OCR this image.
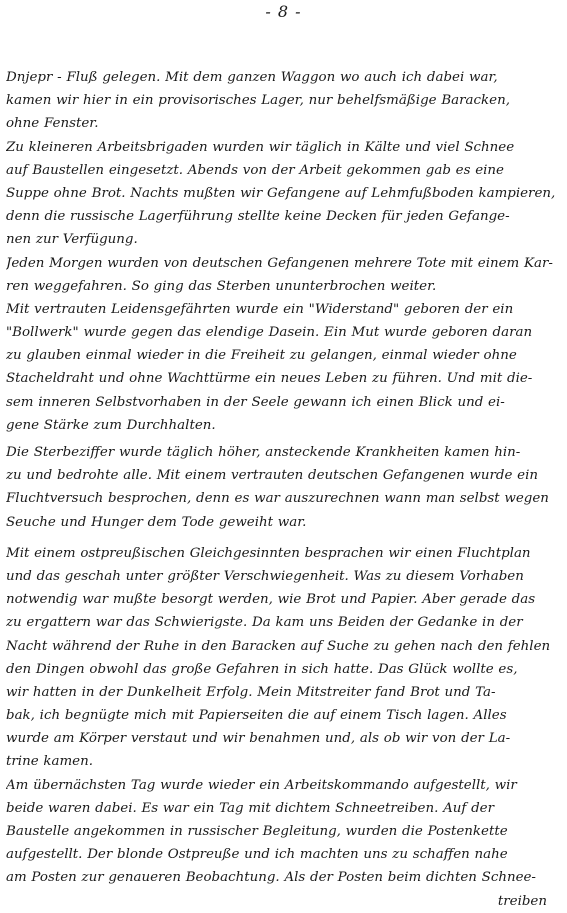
- 8 -
Dnjepr - Fluß gelegen. Mit dem ganzen Waggon wo auch ich dabei war,
kamen wir hier in ein provisorisches Lager, nur behelfsmäßige Baracken,
ohne Fenster.
Zu kleineren Arbeitsbrigaden wurden wir täglich in Kälte und viel Schnee
auf Baustellen eingesetzt. Abends von der Arbeit gekommen gab es eine
Suppe ohne Brot. Nachts mußten wir Gefangene auf Lehmfußboden kampieren,
denn die russische Lagerführung stellte keine Decken für jeden Gefange-
nen zur Verfügung.
Jeden Morgen wurden von deutschen Gefangenen mehrere Tote mit einem Kar-
ren weggefahren. So ging das Sterben ununterbrochen weiter.
Mit vertrauten Leidensgefährten wurde ein "Widerstand" geboren der ein
"Bollwerk" wurde gegen das elendige Dasein. Ein Mut wurde geboren daran
zu glauben einmal wieder in die Freiheit zu gelangen, einmal wieder ohne
Stacheldraht und ohne Wachttürme ein neues Leben zu führen. Und mit die-
sem inneren Selbstvorhaben in der Seele gewann ich einen Blick und ei-
gene Stärke zum Durchhalten.
Die Sterbeziffer wurde täglich höher, ansteckende Krankheiten kamen hin-
zu und bedrohte alle. Mit einem vertrauten deutschen Gefangenen wurde ein
Fluchtversuch besprochen, denn es war auszurechnen wann man selbst wegen
Seuche und Hunger dem Tode geweiht war.
Mit einem ostpreußischen Gleichgesinnten besprachen wir einen Fluchtplan
und das geschah unter größter Verschwiegenheit. Was zu diesem Vorhaben
notwendig war mußte besorgt werden, wie Brot und Papier. Aber gerade das
zu ergattern war das Schwierigste. Da kam uns Beiden der Gedanke in der
Nacht während der Ruhe in den Baracken auf Suche zu gehen nach den fehlen
den Dingen obwohl das große Gefahren in sich hatte. Das Glück wollte es,
wir hatten in der Dunkelheit Erfolg. Mein Mitstreiter fand Brot und Ta-
bak, ich begnügte mich mit Papierseiten die auf einem Tisch lagen. Alles
wurde am Körper verstaut und wir benahmen und, als ob wir von der La-
trine kamen.
Am übernächsten Tag wurde wieder ein Arbeitskommando aufgestellt, wir
beide waren dabei. Es war ein Tag mit dichtem Schneetreiben. Auf der
Baustelle angekommen in russischer Begleitung, wurden die Postenkette
aufgestellt. Der blonde Ostpreuße und ich machten uns zu schaffen nahe
am Posten zur genaueren Beobachtung. Als der Posten beim dichten Schnee-
treiben
